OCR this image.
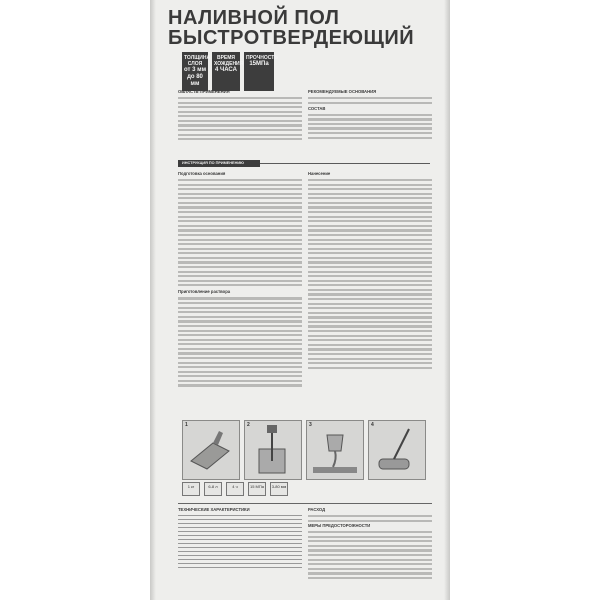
НАЛИВНОЙ ПОЛ БЫСТРОТВЕРДЕЮЩИЙ
ТОЛЩИНА СЛОЯ
от 3 мм до 80 мм
ВРЕМЯ ХОЖДЕНИЯ
4 ЧАСА
ПРОЧНОСТЬ
15МПа
ОБЛАСТЬ ПРИМЕНЕНИЯ	РЕКОМЕНДУЕМЫЕ ОСНОВАНИЯ
СОСТАВ
ИНСТРУКЦИЯ ПО ПРИМЕНЕНИЮ
Подготовка основания
Приготовление раствора
Нанесение
1	2	3	4
1 кг	6-8 л	4 ч	15 МПа	3-80 мм
ТЕХНИЧЕСКИЕ ХАРАКТЕРИСТИКИ	РАСХОД
МЕРЫ ПРЕДОСТОРОЖНОСТИ
